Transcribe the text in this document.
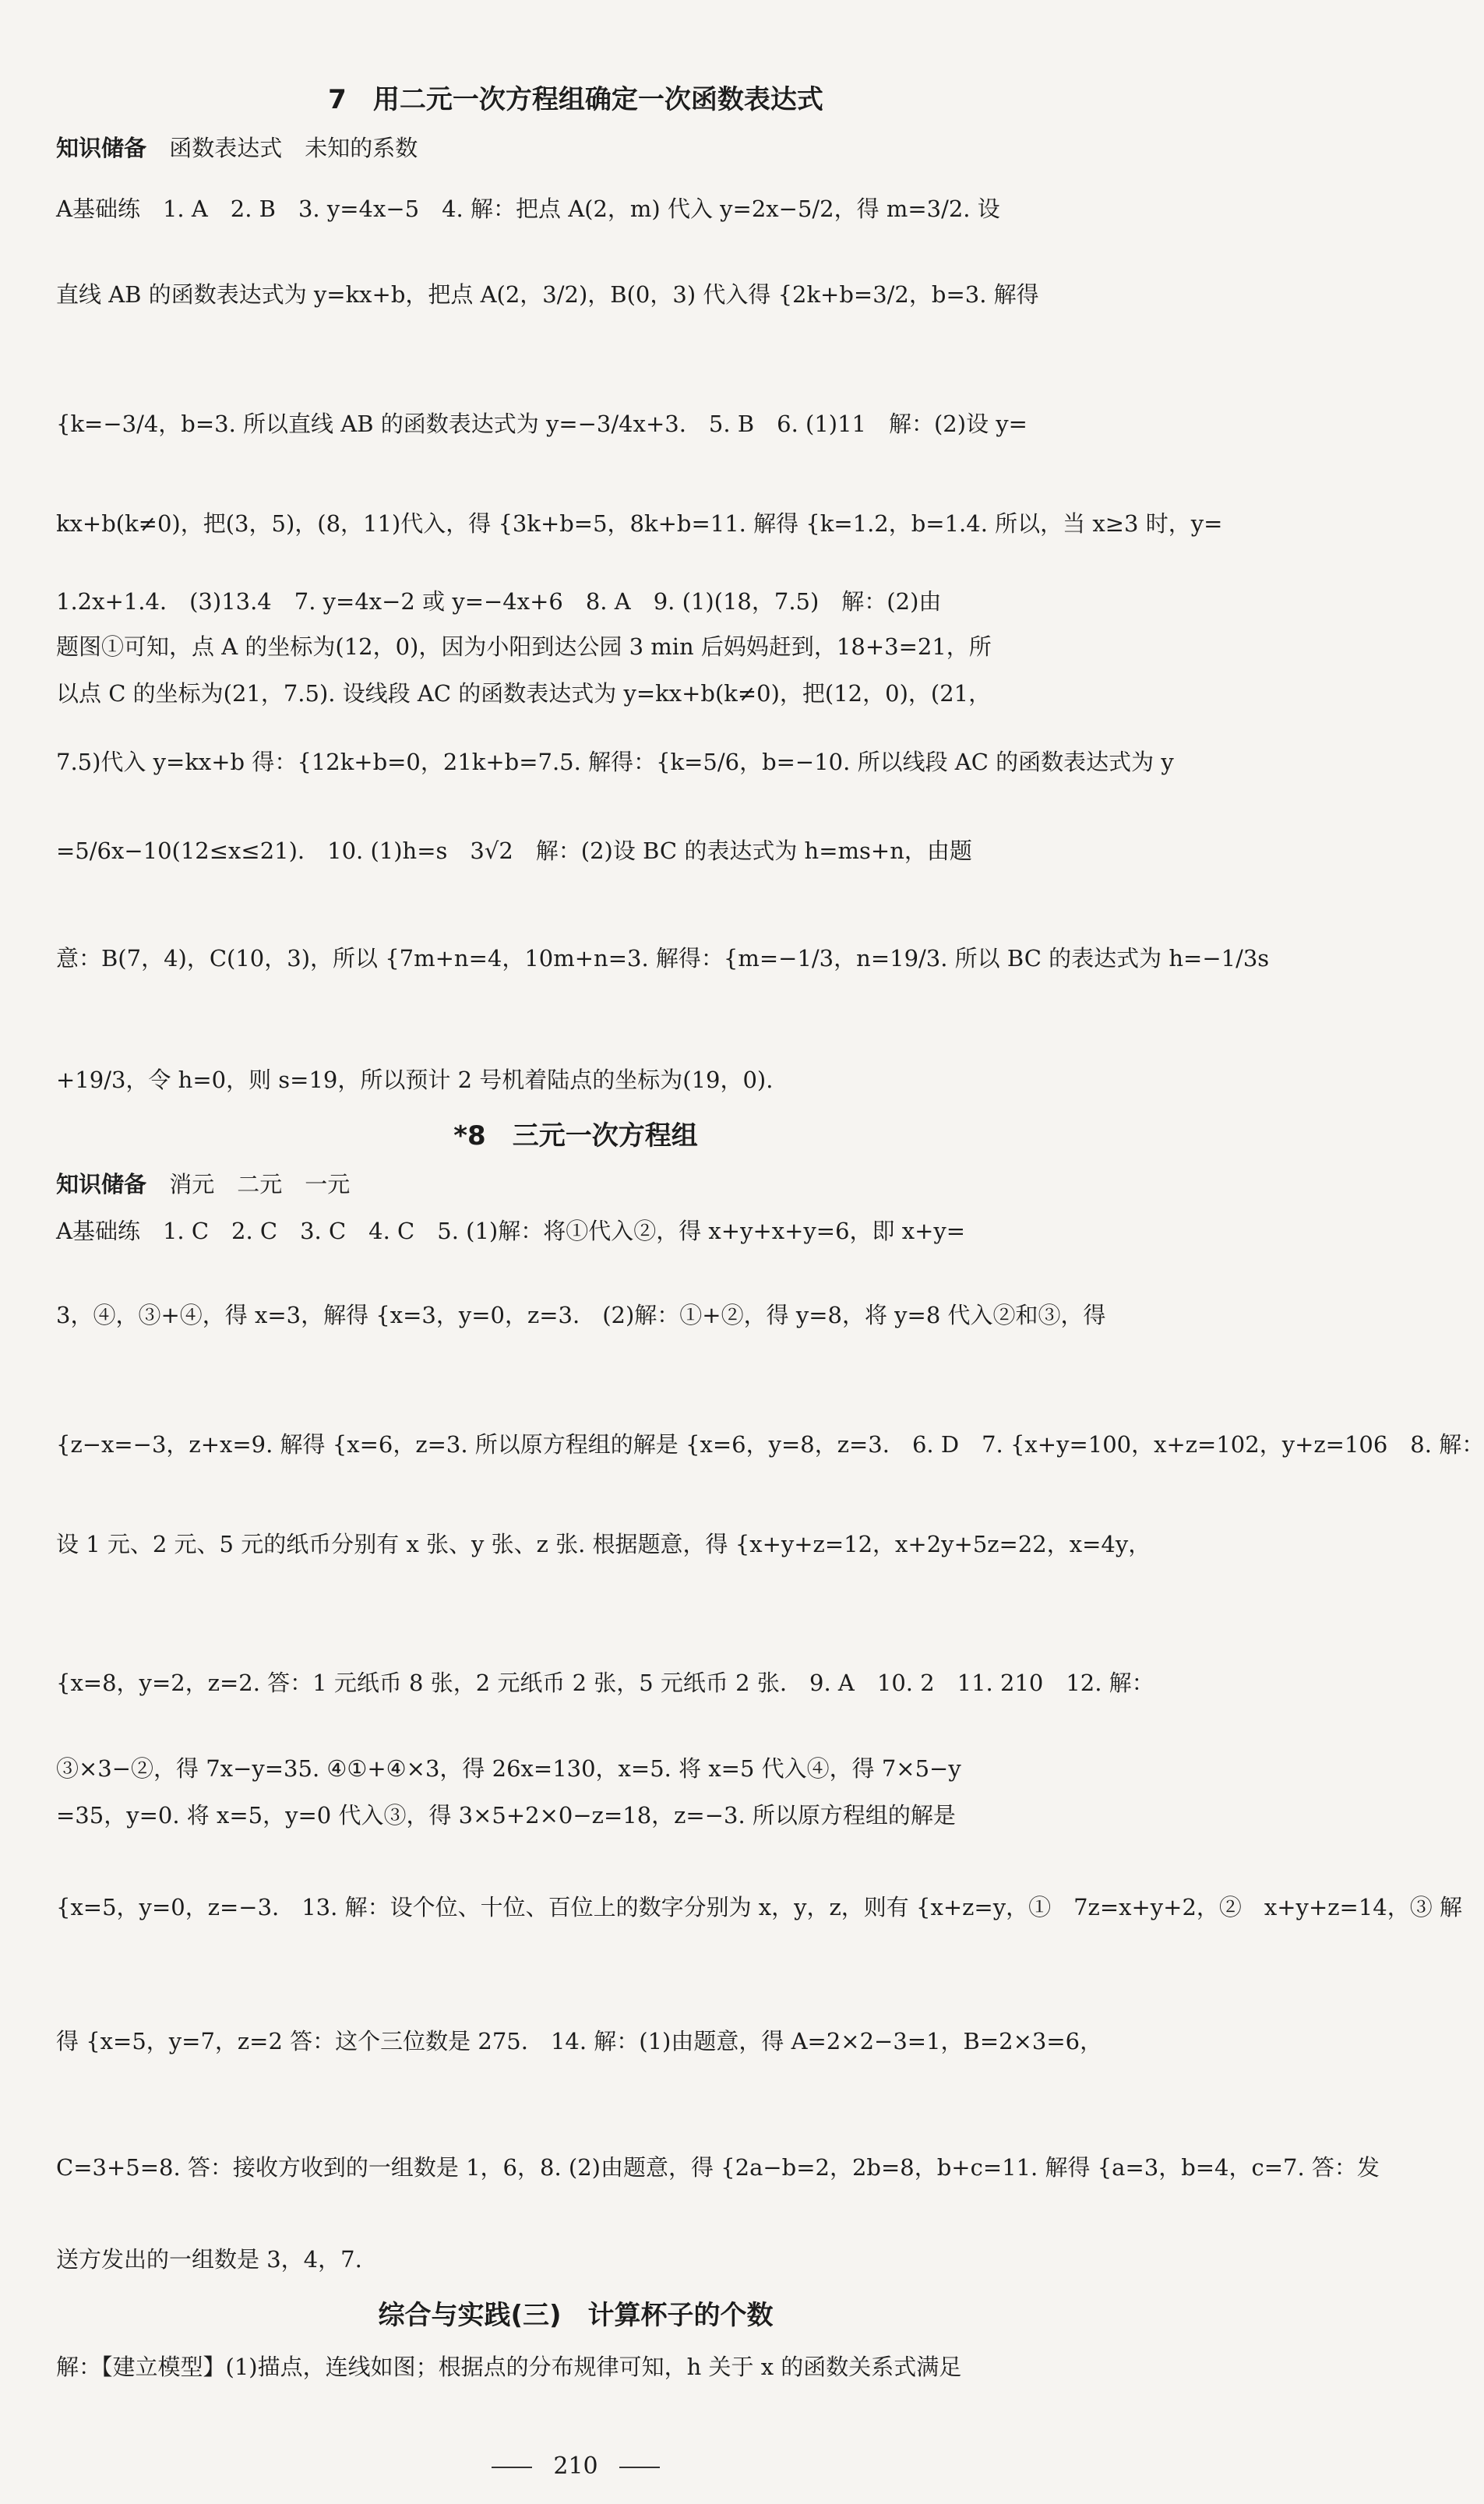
7　用二元一次方程组确定一次函数表达式
知识储备 函数表达式　未知的系数
A基础练　1. A　2. B　3. y=4x−5　4. 解：把点 A(2，m) 代入 y=2x−5/2，得 m=3/2. 设
直线 AB 的函数表达式为 y=kx+b，把点 A(2，3/2)，B(0，3) 代入得 {2k+b=3/2，b=3. 解得
{k=−3/4，b=3. 所以直线 AB 的函数表达式为 y=−3/4x+3.　5. B　6. (1)11　解：(2)设 y=
kx+b(k≠0)，把(3，5)，(8，11)代入，得 {3k+b=5，8k+b=11. 解得 {k=1.2，b=1.4. 所以，当 x≥3 时，y=
1.2x+1.4.　(3)13.4　7. y=4x−2 或 y=−4x+6　8. A　9. (1)(18，7.5)　解：(2)由
题图①可知，点 A 的坐标为(12，0)，因为小阳到达公园 3 min 后妈妈赶到，18+3=21，所
以点 C 的坐标为(21，7.5). 设线段 AC 的函数表达式为 y=kx+b(k≠0)，把(12，0)，(21，
7.5)代入 y=kx+b 得：{12k+b=0，21k+b=7.5. 解得：{k=5/6，b=−10. 所以线段 AC 的函数表达式为 y
=5/6x−10(12≤x≤21).　10. (1)h=s　3√2　解：(2)设 BC 的表达式为 h=ms+n，由题
意：B(7，4)，C(10，3)，所以 {7m+n=4，10m+n=3. 解得：{m=−1/3，n=19/3. 所以 BC 的表达式为 h=−1/3s
+19/3，令 h=0，则 s=19，所以预计 2 号机着陆点的坐标为(19，0).
*8　三元一次方程组
知识储备 消元　二元　一元
A基础练　1. C　2. C　3. C　4. C　5. (1)解：将①代入②，得 x+y+x+y=6，即 x+y=
3，④，③+④，得 x=3，解得 {x=3，y=0，z=3.　(2)解：①+②，得 y=8，将 y=8 代入②和③，得
{z−x=−3，z+x=9. 解得 {x=6，z=3. 所以原方程组的解是 {x=6，y=8，z=3.　6. D　7. {x+y=100，x+z=102，y+z=106　8. 解：
设 1 元、2 元、5 元的纸币分别有 x 张、y 张、z 张. 根据题意，得 {x+y+z=12，x+2y+5z=22，x=4y，
{x=8，y=2，z=2. 答：1 元纸币 8 张，2 元纸币 2 张，5 元纸币 2 张.　9. A　10. 2　11. 210　12. 解：
③×3−②，得 7x−y=35. ④①+④×3，得 26x=130，x=5. 将 x=5 代入④，得 7×5−y
=35，y=0. 将 x=5，y=0 代入③，得 3×5+2×0−z=18，z=−3. 所以原方程组的解是
{x=5，y=0，z=−3.　13. 解：设个位、十位、百位上的数字分别为 x，y，z，则有 {x+z=y，①　7z=x+y+2，②　x+y+z=14，③ 解
得 {x=5，y=7，z=2 答：这个三位数是 275.　14. 解：(1)由题意，得 A=2×2−3=1，B=2×3=6，
C=3+5=8. 答：接收方收到的一组数是 1，6，8. (2)由题意，得 {2a−b=2，2b=8，b+c=11. 解得 {a=3，b=4，c=7. 答：发
送方发出的一组数是 3，4，7.
综合与实践(三)　计算杯子的个数
解：【建立模型】(1)描点，连线如图；根据点的分布规律可知，h 关于 x 的函数关系式满足
210
